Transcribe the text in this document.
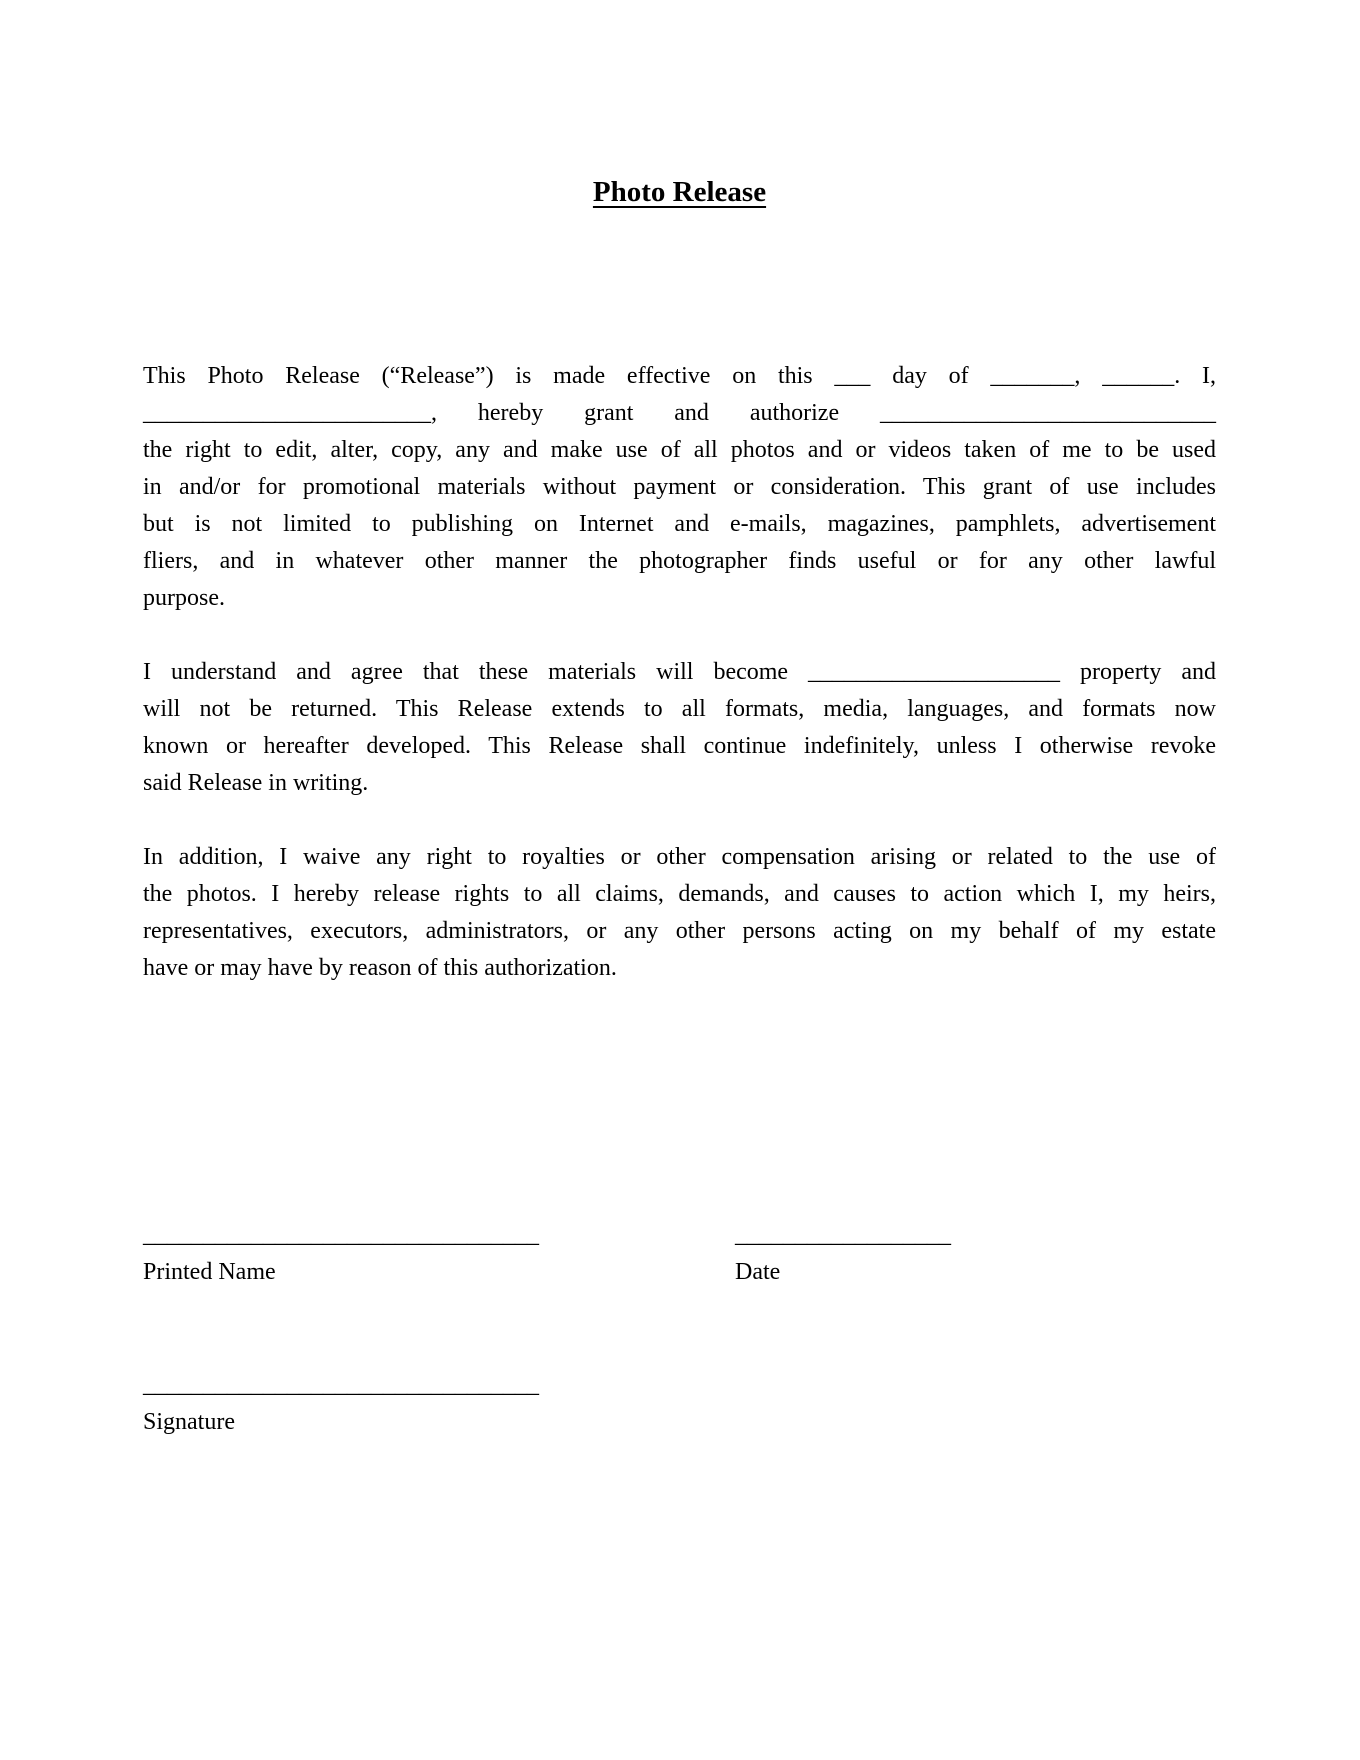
Photo Release
This Photo Release (“Release”) is made effective on this ___ day of _______, ______. I,
________________________, hereby grant and authorize ____________________________
the right to edit, alter, copy, any and make use of all photos and or videos taken of me to be used
in and/or for promotional materials without payment or consideration. This grant of use includes
but is not limited to publishing on Internet and e-mails, magazines, pamphlets, advertisement
fliers, and in whatever other manner the photographer finds useful or for any other lawful
purpose.
I understand and agree that these materials will become _____________________ property and
will not be returned. This Release extends to all formats, media, languages, and formats now
known or hereafter developed. This Release shall continue indefinitely, unless I otherwise revoke
said Release in writing.
In addition, I waive any right to royalties or other compensation arising or related to the use of
the photos. I hereby release rights to all claims, demands, and causes to action which I, my heirs,
representatives, executors, administrators, or any other persons acting on my behalf of my estate
have or may have by reason of this authorization.
_________________________________
Printed Name
__________________
Date
_________________________________
Signature
